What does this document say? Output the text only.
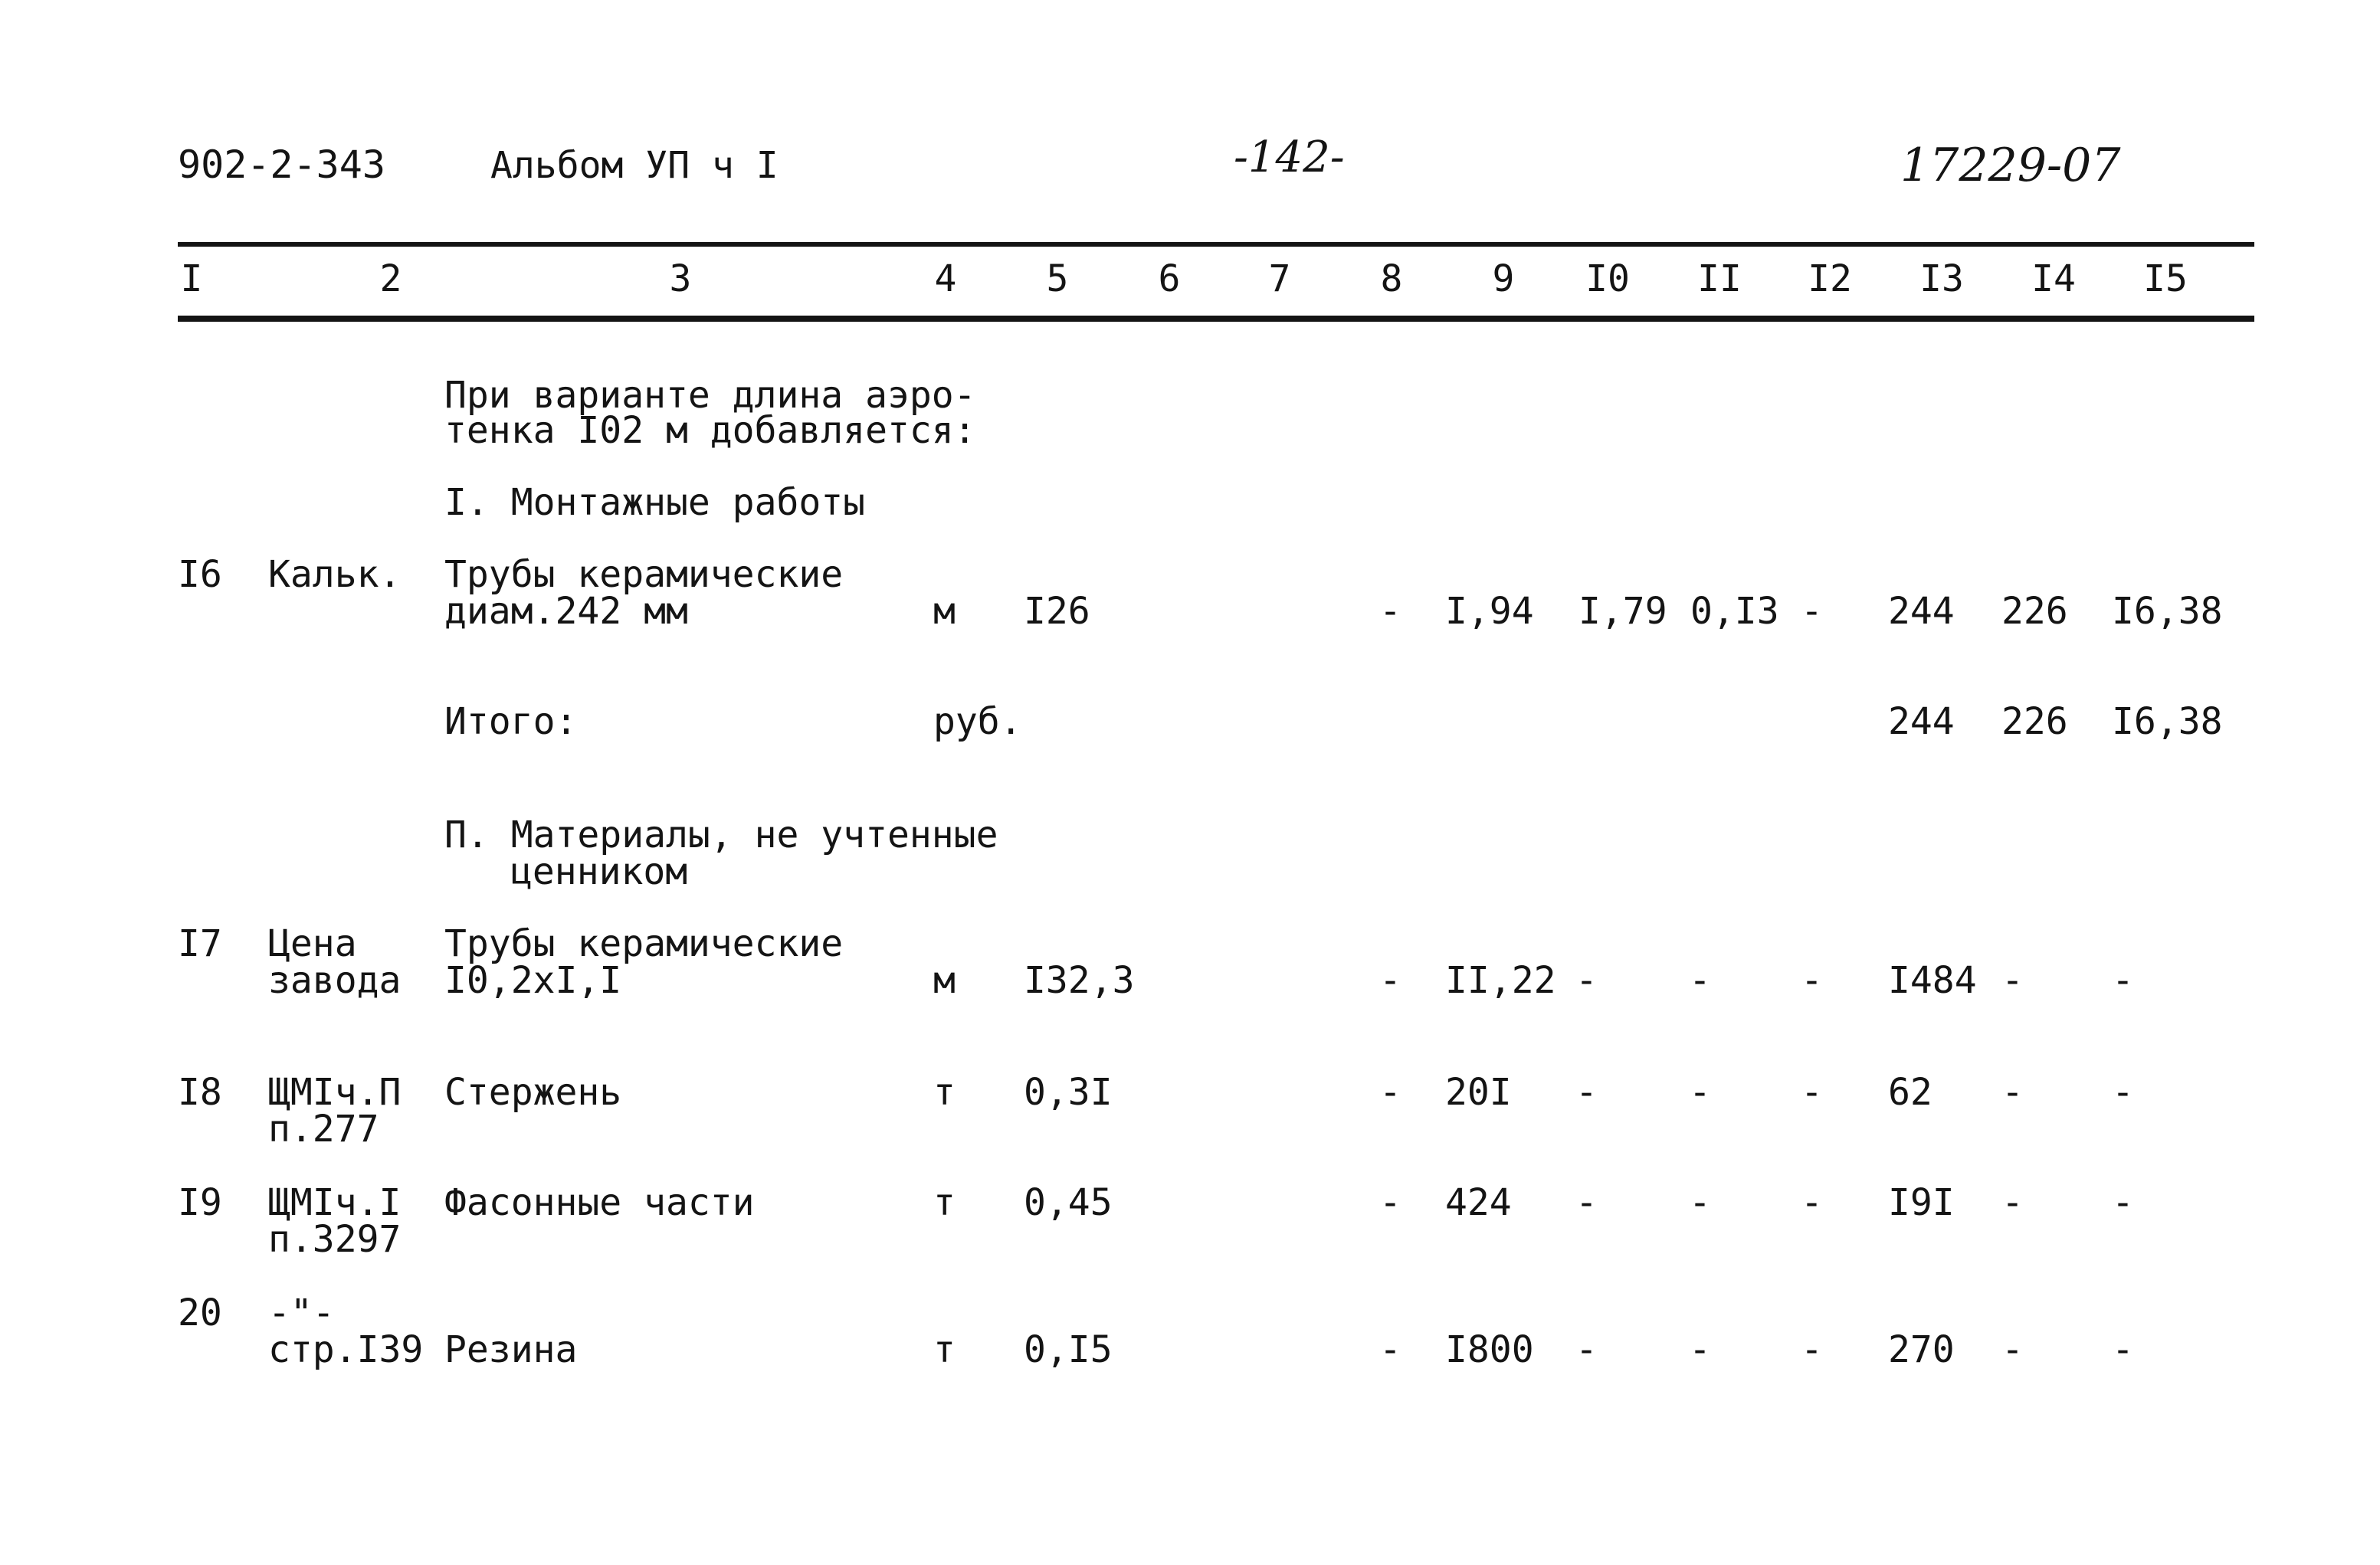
902-2-343	Альбом УП ч I	-142-	17229-07
I	2	3	4	5	6	7	8	9	I0 II I2 I3 I4 I5
При варианте длина аэро-
тенка I02 м добавляется:
I. Монтажные работы
I6 Кальк. Трубы керамические
диам.242 мм	м I26	- I,94 I,79 0,I3 - 244 226 I6,38
Итого:	руб.	244 226 I6,38
П. Материалы, не учтенные
ценником
I7 Цена
завода
Трубы керамические
I0,2xI,I	м I32,3	- II,22 - - - I484 - -
I8 ЩМIч.П
п.277
Стержень	т 0,3I	- 20I - - - 62 - -
I9 ЩМIч.I
п.3297
Фасонные части	т 0,45	- 424 - - - I9I - -
20 -"-
стр.I39 Резина	т 0,I5	- I800 - - - 270 - -
